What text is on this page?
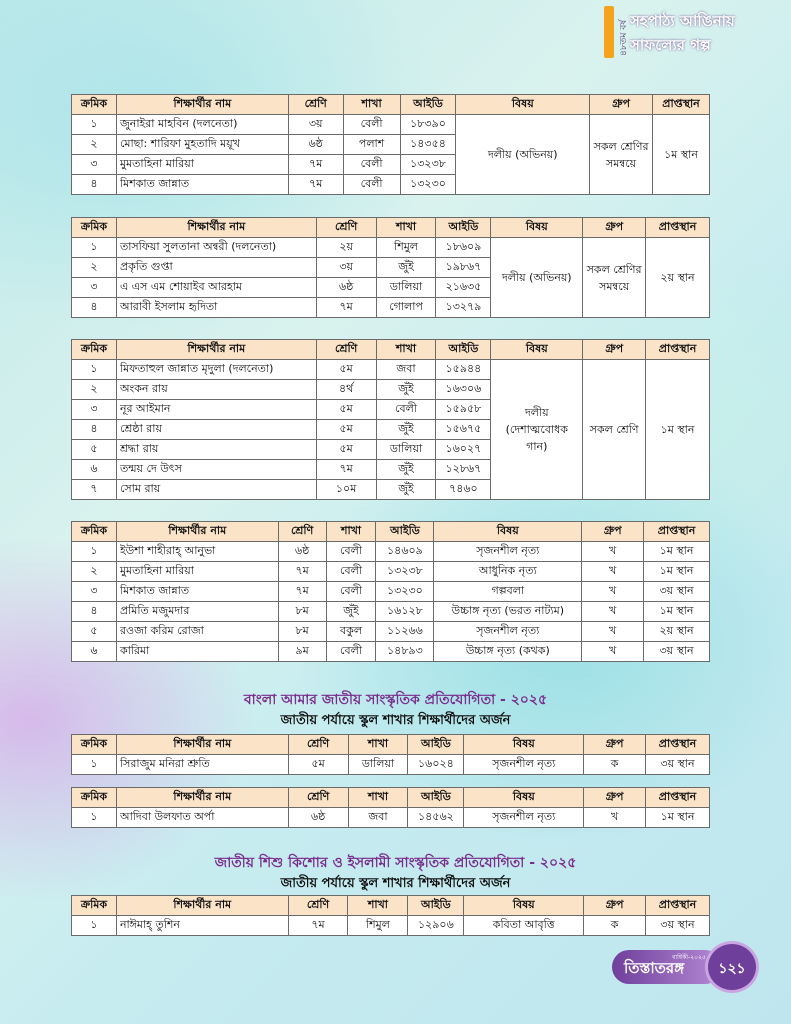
৪৮তম বর্ষ সহপাঠ্য আঙিনায়
সাফল্যের গল্প
ক্রমিক	শিক্ষার্থীর নাম	শ্রেণি	শাখা	আইডি	বিষয়	গ্রুপ	প্রাপ্তস্থান
১	জুনাইরা মাহবিন (দলনেতা)	৩য়	বেলী	১৮৩৯০	দলীয় (অভিনয়)	সকল শ্রেণির সমন্বয়ে	১ম স্থান
২	মোছা: শারিফা মুহতাদি ময়ূখ	৬ষ্ঠ	পলাশ	১৪৩৫৪			
৩	মুমতাহিনা মারিয়া	৭ম	বেলী	১৩২৩৮			
৪	মিশকাত জান্নাত	৭ম	বেলী	১৩২৩০			
ক্রমিক	শিক্ষার্থীর নাম	শ্রেণি	শাখা	আইডি	বিষয়	গ্রুপ	প্রাপ্তস্থান
১	তাসফিয়া সুলতানা অন্বরী (দলনেতা)	২য়	শিমুল	১৮৬০৯	দলীয় (অভিনয়)	সকল শ্রেণির সমন্বয়ে	২য় স্থান
২	প্রকৃতি গুপ্তা	৩য়	জুঁই	১৯৮৬৭			
৩	এ এস এম শোয়াইব আরহাম	৬ষ্ঠ	ডালিয়া	২১৬৩৫			
৪	আরাবী ইসলাম হৃদিতা	৭ম	গোলাপ	১৩২৭৯			
ক্রমিক	শিক্ষার্থীর নাম	শ্রেণি	শাখা	আইডি	বিষয়	গ্রুপ	প্রাপ্তস্থান
১	মিফতাহুল জান্নাত মৃদুলা (দলনেতা)	৫ম	জবা	১৫৯৪৪	দলীয় (দেশাত্মবোধক গান)	সকল শ্রেণি	১ম স্থান
২	অংকন রায়	৪র্থ	জুঁই	১৬৩০৬			
৩	নূর আইমান	৫ম	বেলী	১৫৯৫৮			
৪	শ্রেষ্ঠা রায়	৫ম	জুঁই	১৫৬৭৫			
৫	শ্রদ্ধা রায়	৫ম	ডালিয়া	১৬০২৭			
৬	তন্ময় দে উৎস	৭ম	জুঁই	১২৮৬৭			
৭	সোম রায়	১০ম	জুঁই	৭৪৬০			
ক্রমিক	শিক্ষার্থীর নাম	শ্রেণি	শাখা	আইডি	বিষয়	গ্রুপ	প্রাপ্তস্থান
১	ইউশা শাহীরাহ্ আনুভা	৬ষ্ঠ	বেলী	১৪৬০৯	সৃজনশীল নৃত্য	খ	১ম স্থান
২	মুমতাহিনা মারিয়া	৭ম	বেলী	১৩২৩৮	আধুনিক নৃত্য	খ	১ম স্থান
৩	মিশকাত জান্নাত	৭ম	বেলী	১৩২৩০	গল্পবলা	খ	৩য় স্থান
৪	প্রমিতি মজুমদার	৮ম	জুঁই	১৬১২৮	উচ্চাঙ্গ নৃত্য (ভরত নাট্যম)	খ	১ম স্থান
৫	রওজা করিম রোজা	৮ম	বকুল	১১২৬৬	সৃজনশীল নৃত্য	খ	২য় স্থান
৬	কারিমা	৯ম	বেলী	১৪৮৯৩	উচ্চাঙ্গ নৃত্য (কথক)	খ	৩য় স্থান
বাংলা আমার জাতীয় সাংস্কৃতিক প্রতিযোগিতা - ২০২৫
জাতীয় পর্যায়ে স্কুল শাখার শিক্ষার্থীদের অর্জন
ক্রমিক	শিক্ষার্থীর নাম	শ্রেণি	শাখা	আইডি	বিষয়	গ্রুপ	প্রাপ্তস্থান
১	সিরাজুম মনিরা শ্রুতি	৫ম	ডালিয়া	১৬০২৪	সৃজনশীল নৃত্য	ক	৩য় স্থান
ক্রমিক	শিক্ষার্থীর নাম	শ্রেণি	শাখা	আইডি	বিষয়	গ্রুপ	প্রাপ্তস্থান
১	আদিবা উলফাত অর্পা	৬ষ্ঠ	জবা	১৪৫৬২	সৃজনশীল নৃত্য	খ	১ম স্থান
জাতীয় শিশু কিশোর ও ইসলামী সাংস্কৃতিক প্রতিযোগিতা - ২০২৫
জাতীয় পর্যায়ে স্কুল শাখার শিক্ষার্থীদের অর্জন
ক্রমিক	শিক্ষার্থীর নাম	শ্রেণি	শাখা	আইডি	বিষয়	গ্রুপ	প্রাপ্তস্থান
১	নাঈমাহ্ তুশিন	৭ম	শিমুল	১২৯০৬	কবিতা আবৃত্তি	ক	৩য় স্থান
তিস্তাতরঙ্গ
বার্ষিকী-২০২৫
১২১
